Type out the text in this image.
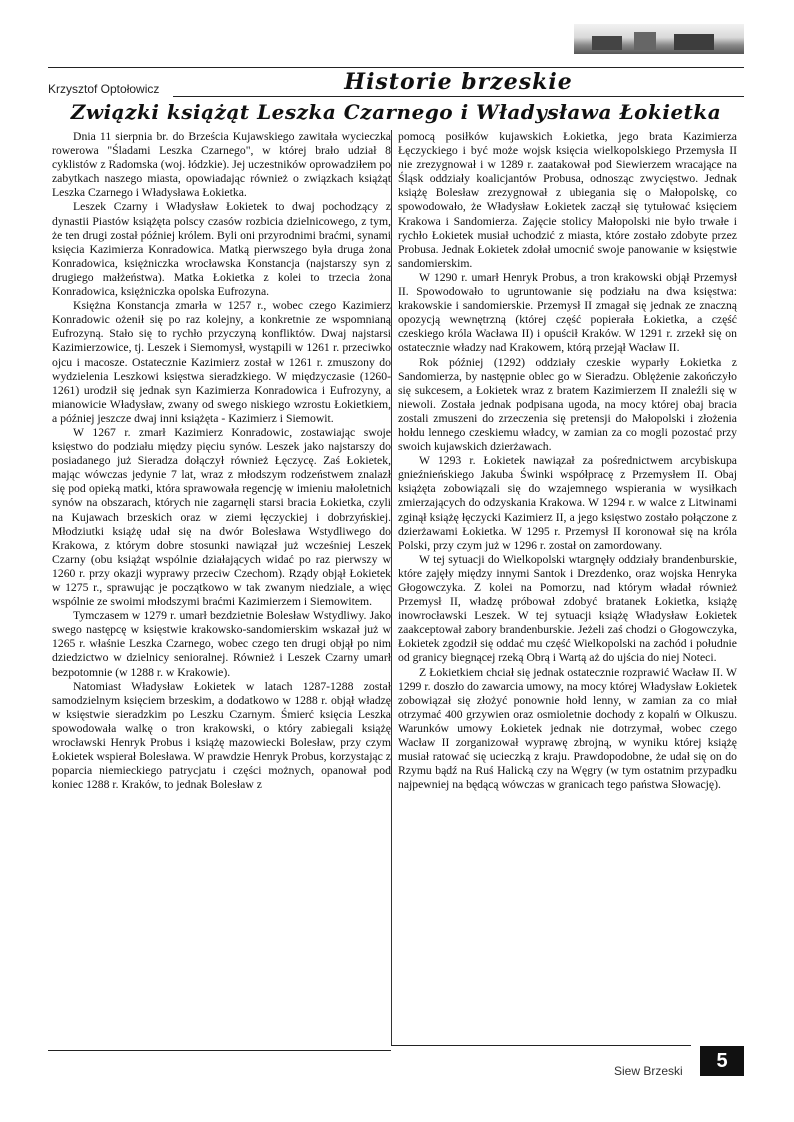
Krzysztof Optołowicz	Historie brzeskie
Związki książąt Leszka Czarnego i Władysława Łokietka

Dnia 11 sierpnia br. do Brześcia Kujawskiego zawitała wycieczka rowerowa "Śladami Leszka Czarnego", w której brało udział 8 cyklistów z Radomska (woj. łódzkie). Jej uczestników oprowadziłem po zabytkach naszego miasta, opowiadając również o związkach książąt Leszka Czarnego i Władysława Łokietka.

Leszek Czarny i Władysław Łokietek to dwaj pochodzący z dynastii Piastów książęta polscy czasów rozbicia dzielnicowego, z tym, że ten drugi został później królem. Byli oni przyrodnimi braćmi, synami księcia Kazimierza Konradowica. Matką pierwszego była druga żona Konradowica, księżniczka wrocławska Konstancja (najstarszy syn z drugiego małżeństwa). Matka Łokietka z kolei to trzecia żona Konradowica, księżniczka opolska Eufrozyna.

Księżna Konstancja zmarła w 1257 r., wobec czego Kazimierz Konradowic ożenił się po raz kolejny, a konkretnie ze wspomnianą Eufrozyną. Stało się to rychło przyczyną konfliktów. Dwaj najstarsi Kazimierzowice, tj. Leszek i Siemomysł, wystąpili w 1261 r. przeciwko ojcu i macosze. Ostatecznie Kazimierz został w 1261 r. zmuszony do wydzielenia Leszkowi księstwa sieradzkiego. W międzyczasie (1260-1261) urodził się jednak syn Kazimierza Konradowica i Eufrozyny, a mianowicie Władysław, zwany od swego niskiego wzrostu Łokietkiem, a później jeszcze dwaj inni książęta - Kazimierz i Siemowit.

W 1267 r. zmarł Kazimierz Konradowic, zostawiając swoje księstwo do podziału między pięciu synów. Leszek jako najstarszy do posiadanego już Sieradza dołączył również Łęczycę. Zaś Łokietek, mając wówczas jedynie 7 lat, wraz z młodszym rodzeństwem znalazł się pod opieką matki, która sprawowała regencję w imieniu małoletnich synów na obszarach, których nie zagarnęli starsi bracia Łokietka, czyli na Kujawach brzeskich oraz w ziemi łęczyckiej i dobrzyńskiej. Młodziutki książę udał się na dwór Bolesława Wstydliwego do Krakowa, z którym dobre stosunki nawiązał już wcześniej Leszek Czarny (obu książąt wspólnie działających widać po raz pierwszy w 1260 r. przy okazji wyprawy przeciw Czechom). Rządy objął Łokietek w 1275 r., sprawując je początkowo w tak zwanym niedziale, a więc wspólnie ze swoimi młodszymi braćmi Kazimierzem i Siemowitem.

Tymczasem w 1279 r. umarł bezdzietnie Bolesław Wstydliwy. Jako swego następcę w księstwie krakowsko-sandomierskim wskazał już w 1265 r. właśnie Leszka Czarnego, wobec czego ten drugi objął po nim dziedzictwo w dzielnicy senioralnej. Również i Leszek Czarny umarł bezpotomnie (w 1288 r. w Krakowie).

Natomiast Władysław Łokietek w latach 1287-1288 został samodzielnym księciem brzeskim, a dodatkowo w 1288 r. objął władzę w księstwie sieradzkim po Leszku Czarnym. Śmierć księcia Leszka spowodowała walkę o tron krakowski, o który zabiegali książę wrocławski Henryk Probus i książę mazowiecki Bolesław, przy czym Łokietek wspierał Bolesława. W prawdzie Henryk Probus, korzystając z poparcia niemieckiego patrycjatu i części możnych, opanował pod koniec 1288 r. Kraków, to jednak Bolesław z

pomocą posiłków kujawskich Łokietka, jego brata Kazimierza Łęczyckiego i być może wojsk księcia wielkopolskiego Przemysła II nie zrezygnował i w 1289 r. zaatakował pod Siewierzem wracające na Śląsk oddziały koalicjantów Probusa, odnosząc zwycięstwo. Jednak książę Bolesław zrezygnował z ubiegania się o Małopolskę, co spowodowało, że Władysław Łokietek zaczął się tytułować księciem Krakowa i Sandomierza. Zajęcie stolicy Małopolski nie było trwałe i rychło Łokietek musiał uchodzić z miasta, które zostało zdobyte przez Probusa. Jednak Łokietek zdołał umocnić swoje panowanie w księstwie sandomierskim.

W 1290 r. umarł Henryk Probus, a tron krakowski objął Przemysł II. Spowodowało to ugruntowanie się podziału na dwa księstwa: krakowskie i sandomierskie. Przemysł II zmagał się jednak ze znaczną opozycją wewnętrzną (której część popierała Łokietka, a część czeskiego króla Wacława II) i opuścił Kraków. W 1291 r. zrzekł się on ostatecznie władzy nad Krakowem, którą przejął Wacław II.

Rok później (1292) oddziały czeskie wyparły Łokietka z Sandomierza, by następnie oblec go w Sieradzu. Oblężenie zakończyło się sukcesem, a Łokietek wraz z bratem Kazimierzem II znaleźli się w niewoli. Została jednak podpisana ugoda, na mocy której obaj bracia zostali zmuszeni do zrzeczenia się pretensji do Małopolski i złożenia hołdu lennego czeskiemu władcy, w zamian za co mogli pozostać przy swoich kujawskich dzierżawach.

W 1293 r. Łokietek nawiązał za pośrednictwem arcybiskupa gnieźnieńskiego Jakuba Świnki współpracę z Przemysłem II. Obaj książęta zobowiązali się do wzajemnego wspierania w wysiłkach zmierzających do odzyskania Krakowa. W 1294 r. w walce z Litwinami zginął książę łęczycki Kazimierz II, a jego księstwo zostało połączone z dzierżawami Łokietka. W 1295 r. Przemysł II koronował się na króla Polski, przy czym już w 1296 r. został on zamordowany.

W tej sytuacji do Wielkopolski wtargnęły oddziały brandenburskie, które zajęły między innymi Santok i Drezdenko, oraz wojska Henryka Głogowczyka. Z kolei na Pomorzu, nad którym władał również Przemysł II, władzę próbował zdobyć bratanek Łokietka, książę inowrocławski Leszek. W tej sytuacji książę Władysław Łokietek zaakceptował zabory brandenburskie. Jeżeli zaś chodzi o Głogowczyka, Łokietek zgodził się oddać mu część Wielkopolski na zachód i południe od granicy biegnącej rzeką Obrą i Wartą aż do ujścia do niej Noteci.

Z Łokietkiem chciał się jednak ostatecznie rozprawić Wacław II. W 1299 r. doszło do zawarcia umowy, na mocy której Władysław Łokietek zobowiązał się złożyć ponownie hołd lenny, w zamian za co miał otrzymać 400 grzywien oraz osmioletnie dochody z kopalń w Olkuszu. Warunków umowy Łokietek jednak nie dotrzymał, wobec czego Wacław II zorganizował wyprawę zbrojną, w wyniku której książę musiał ratować się ucieczką z kraju. Prawdopodobne, że udał się on do Rzymu bądź na Ruś Halicką czy na Węgry (w tym ostatnim przypadku najpewniej na będącą wówczas w granicach tego państwa Słowację).

Siew Brzeski	5
